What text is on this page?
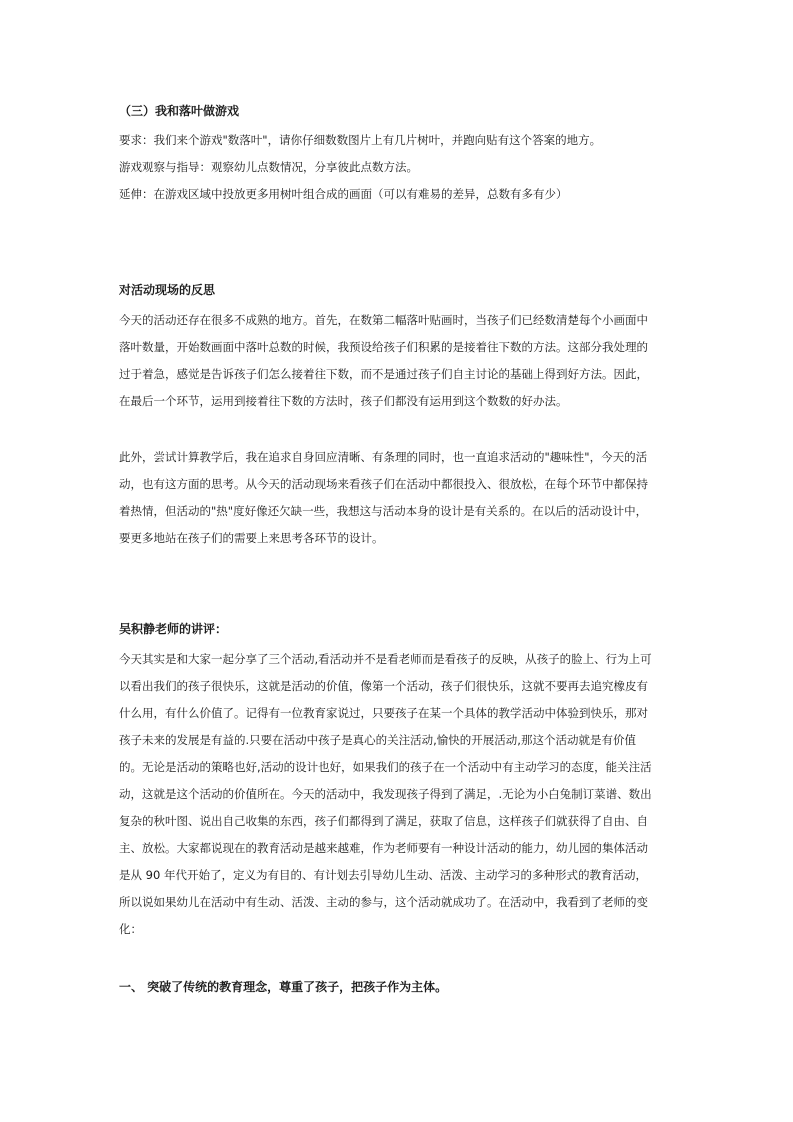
（三）我和落叶做游戏

要求：我们来个游戏"数落叶"，请你仔细数数图片上有几片树叶，并跑向贴有这个答案的地方。

游戏观察与指导：观察幼儿点数情况，分享彼此点数方法。

延伸：在游戏区域中投放更多用树叶组合成的画面（可以有难易的差异，总数有多有少）

对活动现场的反思

今天的活动还存在很多不成熟的地方。首先，在数第二幅落叶贴画时，当孩子们已经数清楚每个小画面中
落叶数量，开始数画面中落叶总数的时候，我预设给孩子们积累的是接着往下数的方法。这部分我处理的
过于着急，感觉是告诉孩子们怎么接着往下数，而不是通过孩子们自主讨论的基础上得到好方法。因此，
在最后一个环节，运用到接着往下数的方法时，孩子们都没有运用到这个数数的好办法。
此外，尝试计算教学后，我在追求自身回应清晰、有条理的同时，也一直追求活动的"趣味性"，今天的活
动，也有这方面的思考。从今天的活动现场来看孩子们在活动中都很投入、很放松，在每个环节中都保持
着热情，但活动的"热"度好像还欠缺一些，我想这与活动本身的设计是有关系的。在以后的活动设计中，
要更多地站在孩子们的需要上来思考各环节的设计。

吴积静老师的讲评：

今天其实是和大家一起分享了三个活动,看活动并不是看老师而是看孩子的反映，从孩子的脸上、行为上可
以看出我们的孩子很快乐，这就是活动的价值，像第一个活动，孩子们很快乐，这就不要再去追究橡皮有
什么用，有什么价值了。记得有一位教育家说过，只要孩子在某一个具体的教学活动中体验到快乐，那对
孩子未来的发展是有益的.只要在活动中孩子是真心的关注活动,愉快的开展活动,那这个活动就是有价值
的。无论是活动的策略也好,活动的设计也好，如果我们的孩子在一个活动中有主动学习的态度，能关注活
动，这就是这个活动的价值所在。今天的活动中，我发现孩子得到了满足，.无论为小白兔制订菜谱、数出
复杂的秋叶图、说出自己收集的东西，孩子们都得到了满足，获取了信息，这样孩子们就获得了自由、自
主、放松。大家都说现在的教育活动是越来越难，作为老师要有一种设计活动的能力，幼儿园的集体活动
是从 90 年代开始了，定义为有目的、有计划去引导幼儿生动、活泼、主动学习的多种形式的教育活动，
所以说如果幼儿在活动中有生动、活泼、主动的参与，这个活动就成功了。在活动中，我看到了老师的变
化：

一、 突破了传统的教育理念，尊重了孩子，把孩子作为主体。
